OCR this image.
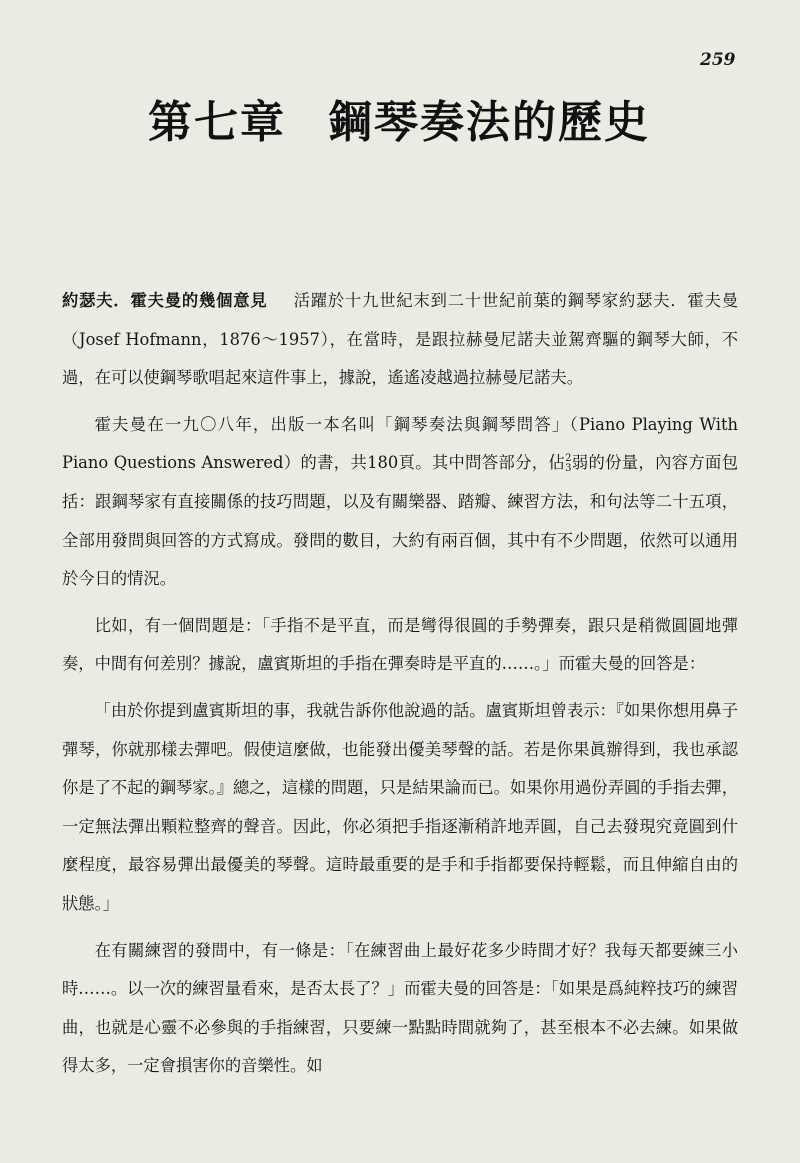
259
第七章 鋼琴奏法的歷史

約瑟夫．霍夫曼的幾個意見 活躍於十九世紀末到二十世紀前葉的鋼琴家約瑟夫．霍夫曼（Josef Hofmann，1876～1957），在當時，是跟拉赫曼尼諾夫並駕齊驅的鋼琴大師，不過，在可以使鋼琴歌唱起來這件事上，據說，遙遙凌越過拉赫曼尼諾夫。

霍夫曼在一九〇八年，出版一本名叫「鋼琴奏法與鋼琴問答」（Piano Playing With Piano Questions Answered）的書，共180頁。其中問答部分，佔2
3弱的份量，內容方面包括：跟鋼琴家有直接關係的技巧問題，以及有關樂器、踏瓣、練習方法，和句法等二十五項，全部用發問與回答的方式寫成。發問的數目，大約有兩百個，其中有不少問題，依然可以通用於今日的情況。

比如，有一個問題是：「手指不是平直，而是彎得很圓的手勢彈奏，跟只是稍微圓圓地彈奏，中間有何差別？據說，盧賓斯坦的手指在彈奏時是平直的……。」而霍夫曼的回答是：

「由於你提到盧賓斯坦的事，我就告訴你他說過的話。盧賓斯坦曾表示：『如果你想用鼻子彈琴，你就那樣去彈吧。假使這麼做，也能發出優美琴聲的話。若是你果眞辦得到，我也承認你是了不起的鋼琴家。』總之，這樣的問題，只是結果論而已。如果你用過份弄圓的手指去彈，一定無法彈出顆粒整齊的聲音。因此，你必須把手指逐漸稍許地弄圓，自己去發現究竟圓到什麼程度，最容易彈出最優美的琴聲。這時最重要的是手和手指都要保持輕鬆，而且伸縮自由的狀態。」

在有關練習的發問中，有一條是：「在練習曲上最好花多少時間才好？我每天都要練三小時……。以一次的練習量看來，是否太長了？」而霍夫曼的回答是：「如果是爲純粹技巧的練習曲，也就是心靈不必參與的手指練習，只要練一點點時間就夠了，甚至根本不必去練。如果做得太多，一定會損害你的音樂性。如
